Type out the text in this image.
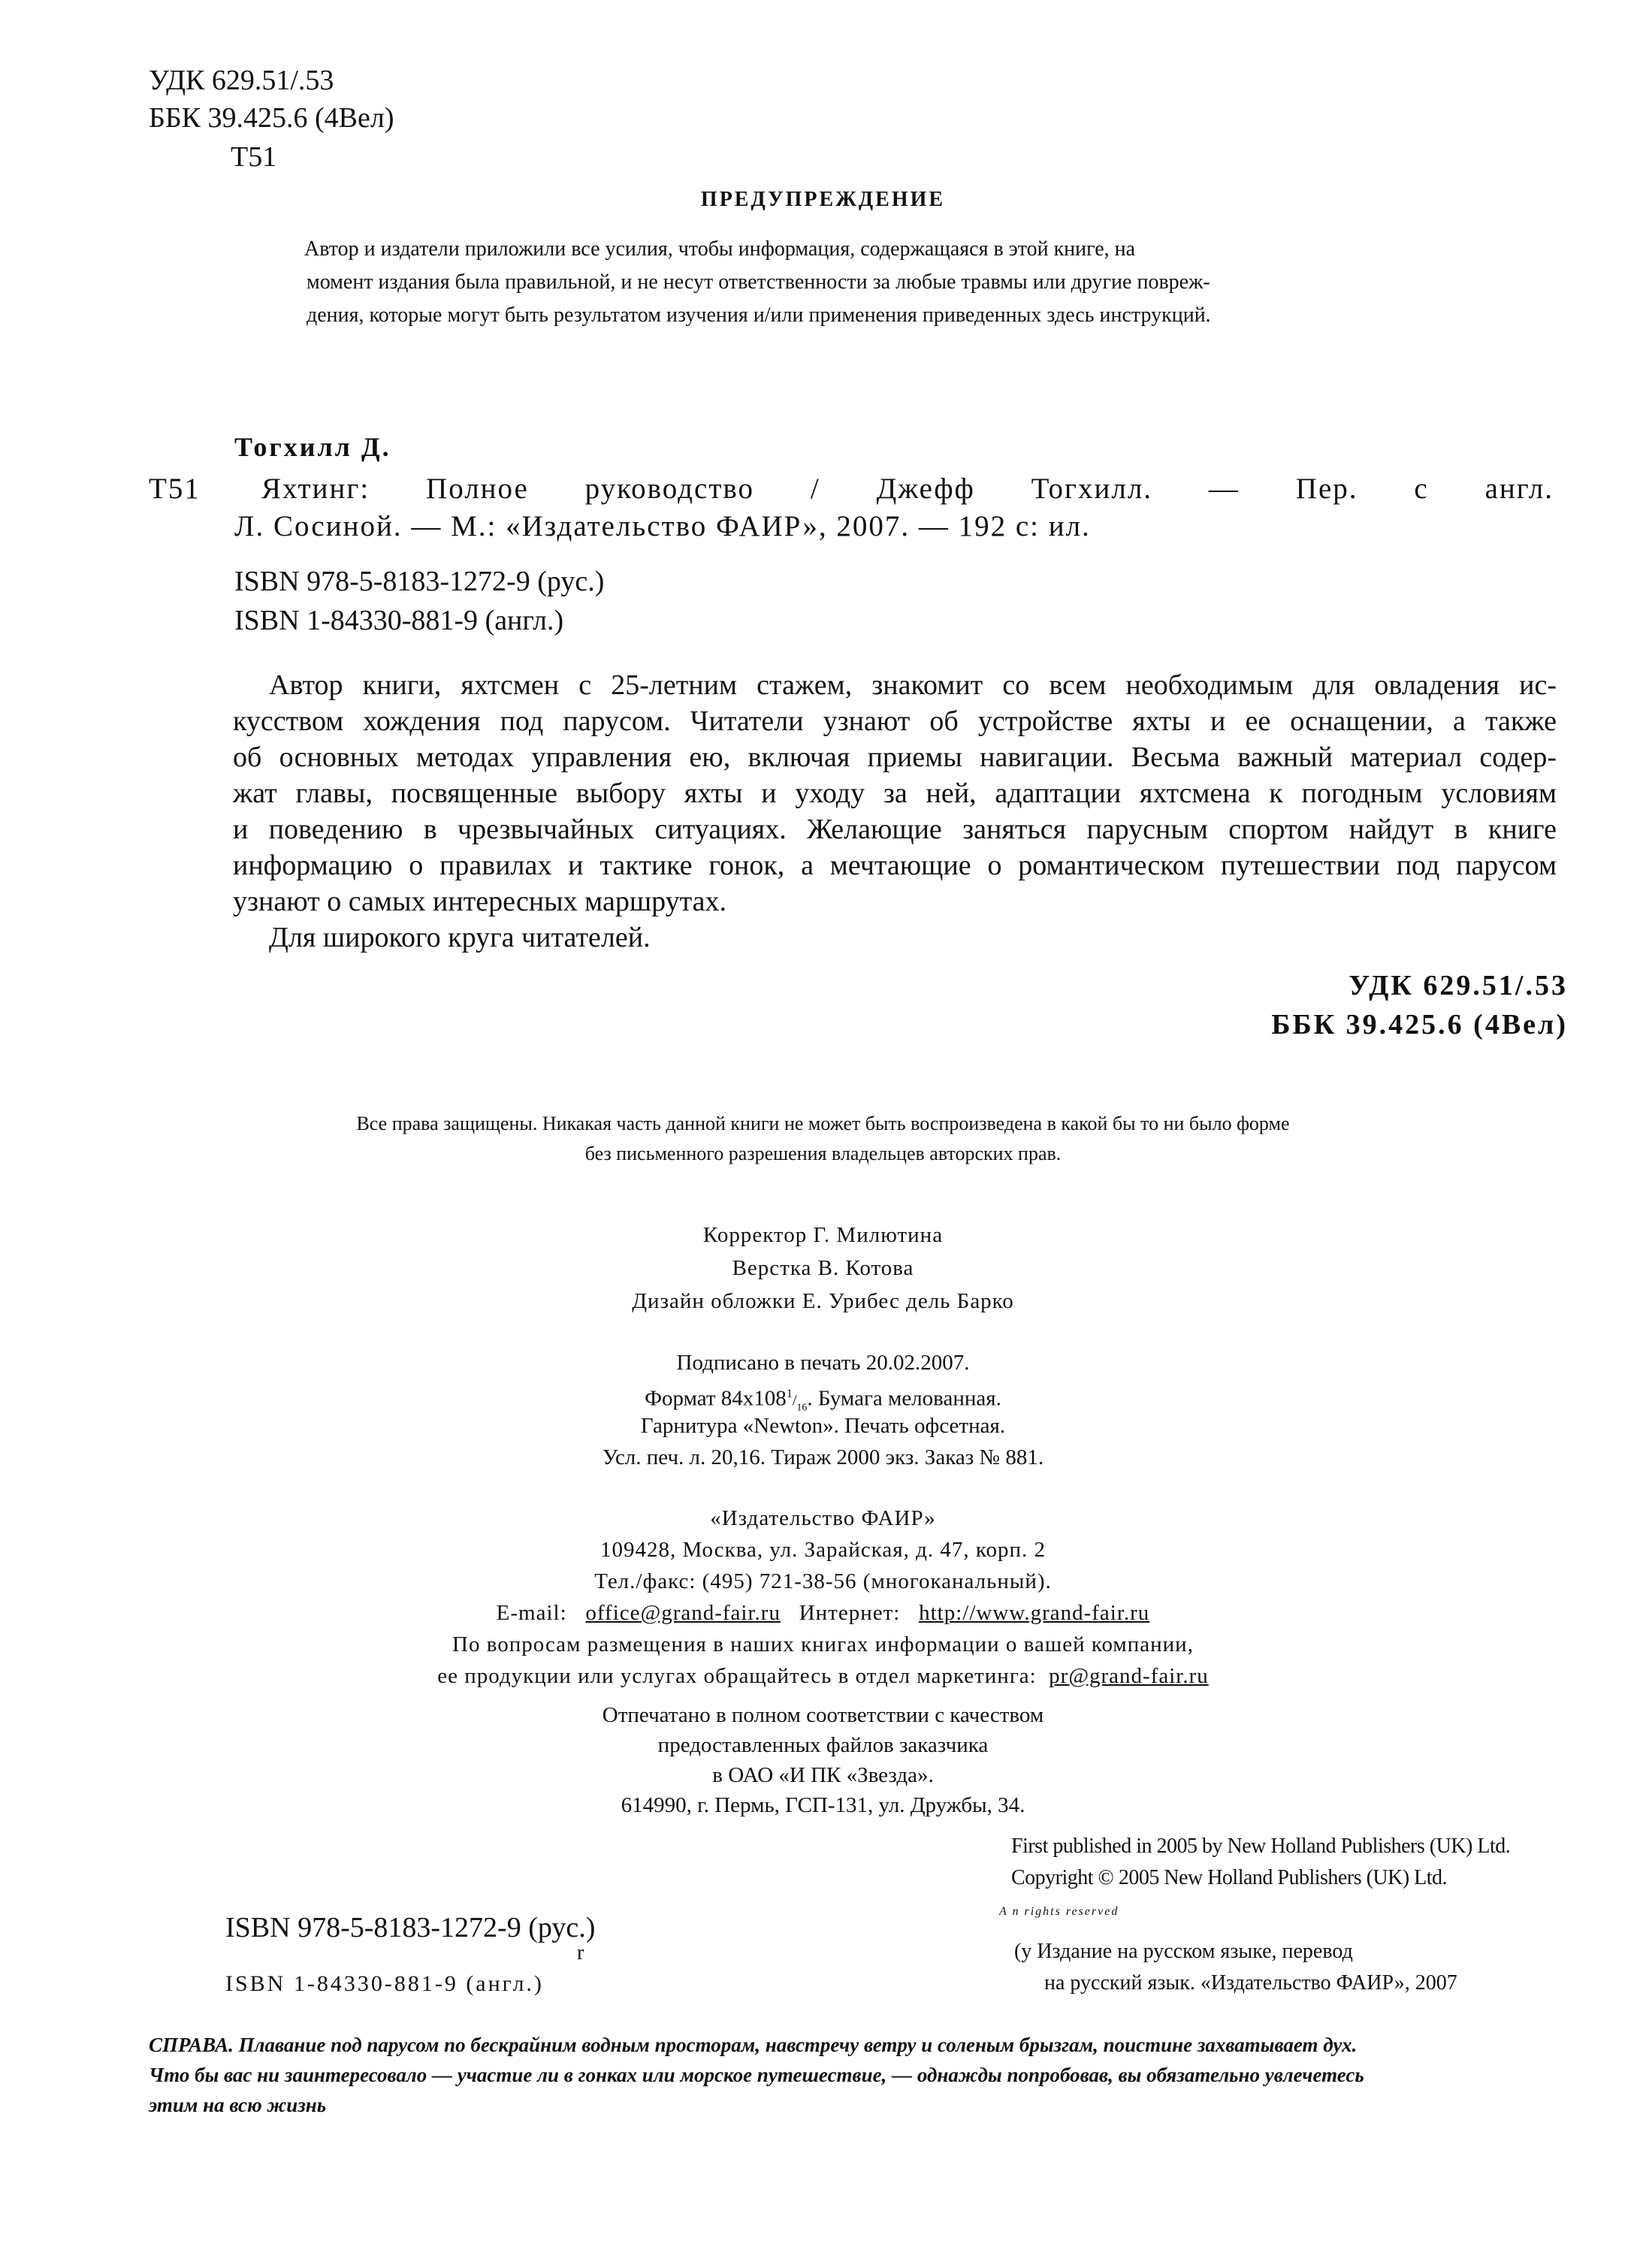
УДК 629.51/.53
ББК 39.425.6 (4Вел)
Т51
ПРЕДУПРЕЖДЕНИЕ
Автор и издатели приложили все усилия, чтобы информация, содержащаяся в этой книге, на
момент издания была правильной, и не несут ответственности за любые травмы или другие повреж-
дения, которые могут быть результатом изучения и/или применения приведенных здесь инструкций.
Тогхилл Д.
Т51 Яхтинг: Полное руководство / Джефф Тогхилл. — Пер. с англ.
Л. Сосиной. — М.: «Издательство ФАИР», 2007. — 192 с: ил.
ISBN 978-5-8183-1272-9 (рус.)
ISBN 1-84330-881-9 (англ.)
Автор книги, яхтсмен с 25-летним стажем, знакомит со всем необходимым для овладения ис-
кусством хождения под парусом. Читатели узнают об устройстве яхты и ее оснащении, а также
об основных методах управления ею, включая приемы навигации. Весьма важный материал содер-
жат главы, посвященные выбору яхты и уходу за ней, адаптации яхтсмена к погодным условиям
и поведению в чрезвычайных ситуациях. Желающие заняться парусным спортом найдут в книге
информацию о правилах и тактике гонок, а мечтающие о романтическом путешествии под парусом
узнают о самых интересных маршрутах.
Для широкого круга читателей.
УДК 629.51/.53
ББК 39.425.6 (4Вел)
Все права защищены. Никакая часть данной книги не может быть воспроизведена в какой бы то ни было форме
без письменного разрешения владельцев авторских прав.
Корректор Г. Милютина
Верстка В. Котова
Дизайн обложки Е. Урибес дель Барко
Подписано в печать 20.02.2007.
Формат $84x108^1/_{16}$. Бумага мелованная.
Гарнитура «Newton». Печать офсетная.
Усл. печ. л. 20,16. Тираж 2000 экз. Заказ № 881.
«Издательство ФАИР»
109428, Москва, ул. Зарайская, д. 47, корп. 2
Тел./факс: (495) 721-38-56 (многоканальный).
E-mail: office@grand-fair.ru Интернет: http://www.grand-fair.ru
По вопросам размещения в наших книгах информации о вашей компании,
ее продукции или услугах обращайтесь в отдел маркетинга: pr@grand-fair.ru
Отпечатано в полном соответствии с качеством
предоставленных файлов заказчика
в ОАО «И ПК «Звезда».
614990, г. Пермь, ГСП-131, ул. Дружбы, 34.
First published in 2005 by New Holland Publishers (UK) Ltd.
Copyright © 2005 New Holland Publishers (UK) Ltd.
A n rights reserved
(у Издание на русском языке, перевод
на русский язык. «Издательство ФАИР», 2007
ISBN 978-5-8183-1272-9 (рус.)
r
ISBN 1-84330-881-9 (англ.)
СПРАВА. Плавание под парусом по бескрайним водным просторам, навстречу ветру и соленым брызгам, поистине захватывает дух.
Что бы вас ни заинтересовало — участие ли в гонках или морское путешествие, — однажды попробовав, вы обязательно увлечетесь
этим на всю жизнь
